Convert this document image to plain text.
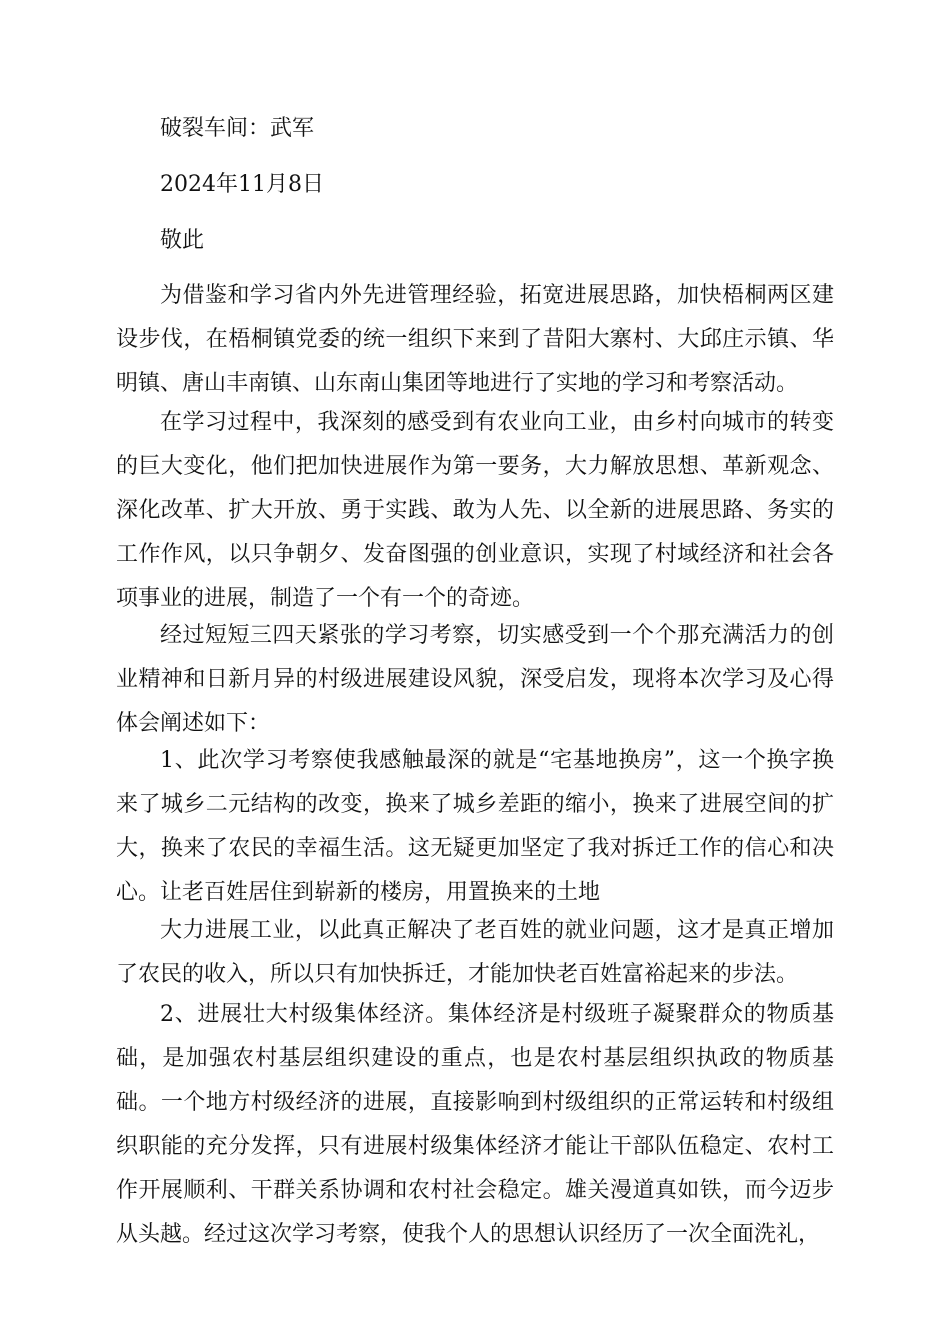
破裂车间：武军
2024年11月8日
敬此

为借鉴和学习省内外先进管理经验，拓宽进展思路，加快梧桐两区建设步伐，在梧桐镇党委的统一组织下来到了昔阳大寨村、大邱庄示镇、华明镇、唐山丰南镇、山东南山集团等地进行了实地的学习和考察活动。

在学习过程中，我深刻的感受到有农业向工业，由乡村向城市的转变的巨大变化，他们把加快进展作为第一要务，大力解放思想、革新观念、深化改革、扩大开放、勇于实践、敢为人先、以全新的进展思路、务实的工作作风，以只争朝夕、发奋图强的创业意识，实现了村域经济和社会各项事业的进展，制造了一个有一个的奇迹。

经过短短三四天紧张的学习考察，切实感受到一个个那充满活力的创业精神和日新月异的村级进展建设风貌，深受启发，现将本次学习及心得体会阐述如下：

1、此次学习考察使我感触最深的就是“宅基地换房”，这一个换字换来了城乡二元结构的改变，换来了城乡差距的缩小，换来了进展空间的扩大，换来了农民的幸福生活。这无疑更加坚定了我对拆迁工作的信心和决心。让老百姓居住到崭新的楼房，用置换来的土地

大力进展工业，以此真正解决了老百姓的就业问题，这才是真正增加了农民的收入，所以只有加快拆迁，才能加快老百姓富裕起来的步法。

2、进展壮大村级集体经济。集体经济是村级班子凝聚群众的物质基础，是加强农村基层组织建设的重点，也是农村基层组织执政的物质基础。一个地方村级经济的进展，直接影响到村级组织的正常运转和村级组织职能的充分发挥，只有进展村级集体经济才能让干部队伍稳定、农村工作开展顺利、干群关系协调和农村社会稳定。雄关漫道真如铁，而今迈步从头越。经过这次学习考察，使我个人的思想认识经历了一次全面洗礼，
